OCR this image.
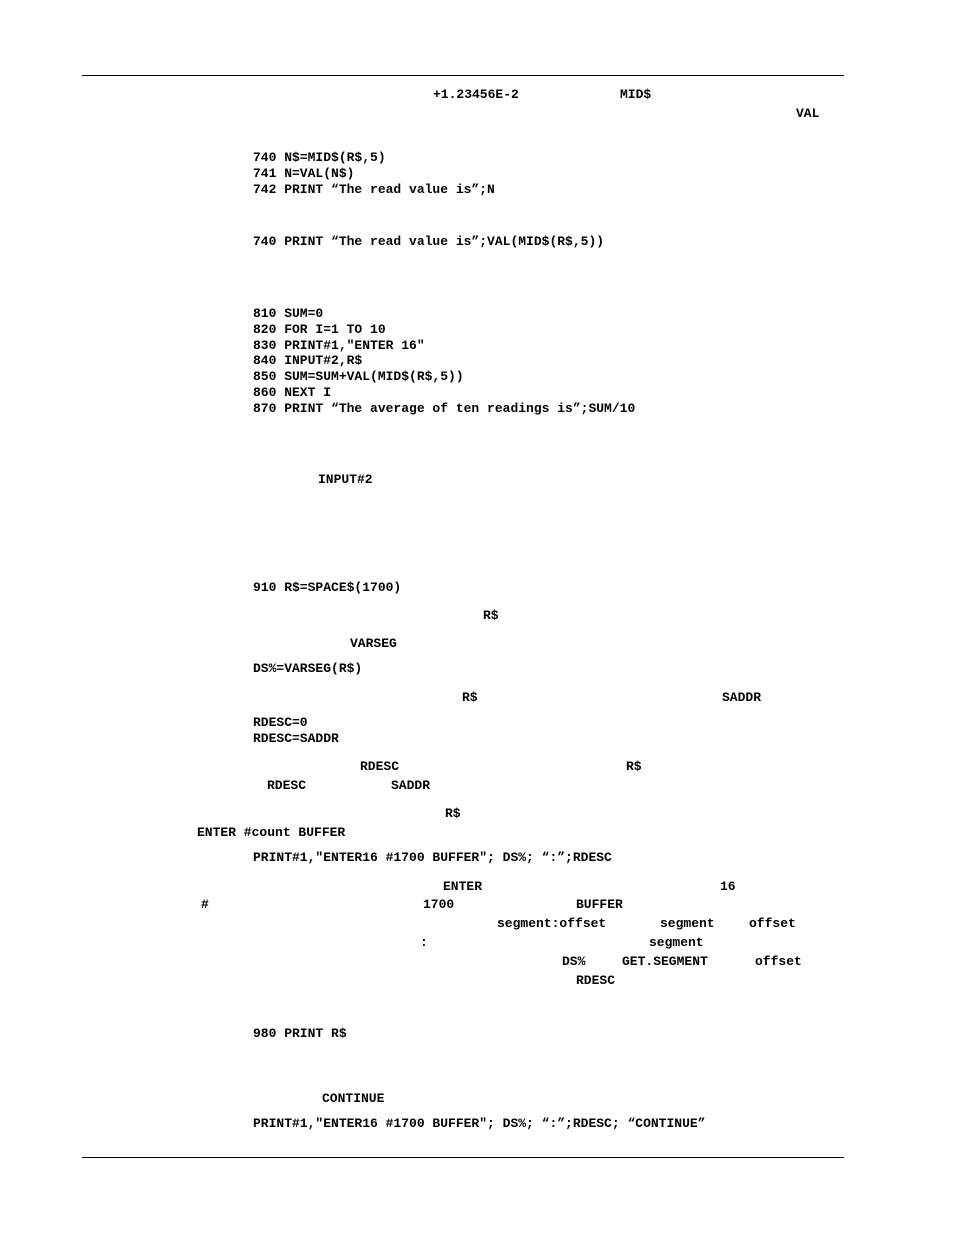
+1.23456E-2	MID$
VAL
740 N$=MID$(R$,5)
741 N=VAL(N$)
742 PRINT “The read value is”;N
740 PRINT “The read value is”;VAL(MID$(R$,5))
810 SUM=0
820 FOR I=1 TO 10
830 PRINT#1,"ENTER 16"
840 INPUT#2,R$
850 SUM=SUM+VAL(MID$(R$,5))
860 NEXT I
870 PRINT “The average of ten readings is”;SUM/10
INPUT#2
910 R$=SPACE$(1700)
R$
VARSEG
DS%=VARSEG(R$)
R$	SADDR
RDESC=0
RDESC=SADDR
RDESC	R$
RDESC	SADDR
R$
ENTER #count BUFFER
PRINT#1,"ENTER16 #1700 BUFFER"; DS%; “:”;RDESC
ENTER	16
#	1700	BUFFER
segment:offset	segment	offset
:	segment
DS%	GET.SEGMENT	offset
RDESC
980 PRINT R$
CONTINUE
PRINT#1,"ENTER16 #1700 BUFFER"; DS%; “:”;RDESC; “CONTINUE”
